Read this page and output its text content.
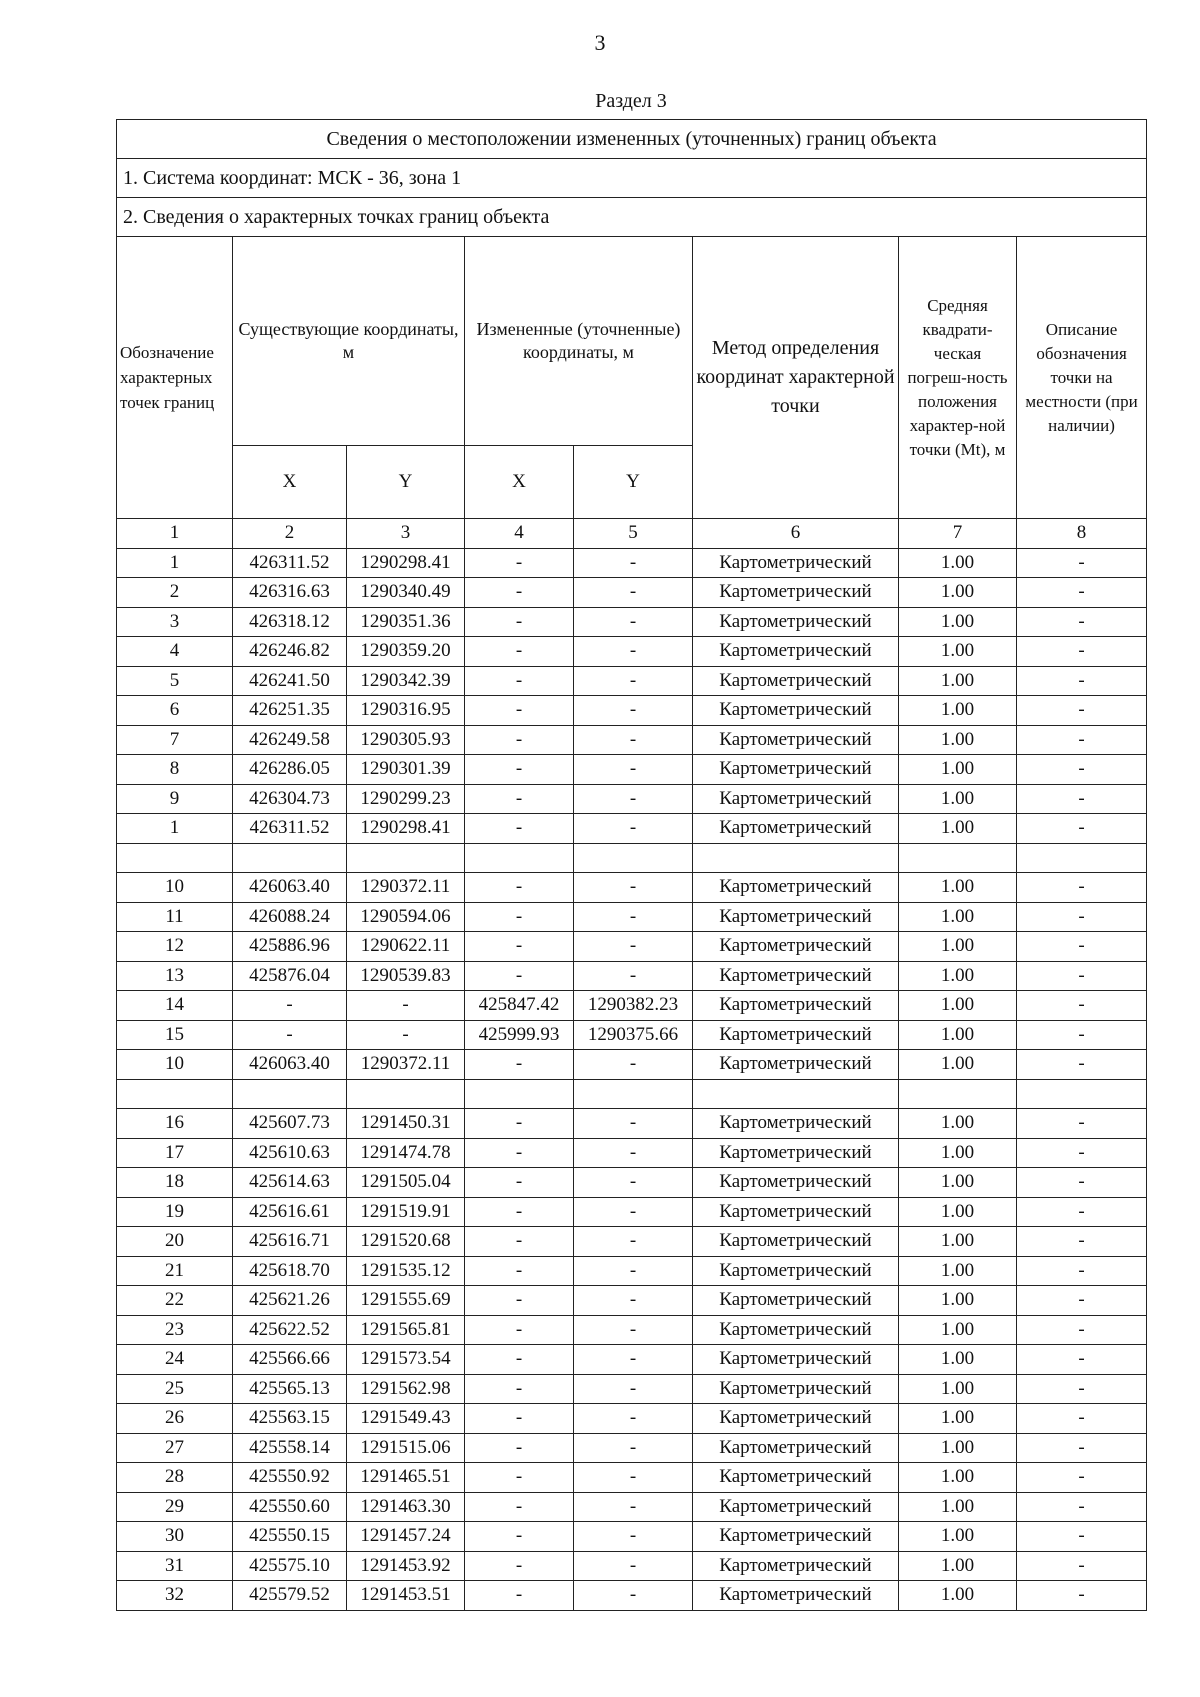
3
Раздел 3
Сведения о местоположении измененных (уточненных) границ объекта							
1. Система координат: МСК - 36, зона 1							
2. Сведения о характерных точках границ объекта							
Обозначение характерных точек границ	Существующие координаты, м		Измененные (уточненные) координаты, м		Метод определения координат характерной точки	Средняя квадрати-ческая погреш-ность положения характер-ной точки (Mt), м	Описание обозначения точки на местности (при наличии)
	X	Y	X	Y			
1	2	3	4	5	6	7	8
1	426311.52	1290298.41	-	-	Картометрический	1.00	-
2	426316.63	1290340.49	-	-	Картометрический	1.00	-
3	426318.12	1290351.36	-	-	Картометрический	1.00	-
4	426246.82	1290359.20	-	-	Картометрический	1.00	-
5	426241.50	1290342.39	-	-	Картометрический	1.00	-
6	426251.35	1290316.95	-	-	Картометрический	1.00	-
7	426249.58	1290305.93	-	-	Картометрический	1.00	-
8	426286.05	1290301.39	-	-	Картометрический	1.00	-
9	426304.73	1290299.23	-	-	Картометрический	1.00	-
1	426311.52	1290298.41	-	-	Картометрический	1.00	-

10	426063.40	1290372.11	-	-	Картометрический	1.00	-
11	426088.24	1290594.06	-	-	Картометрический	1.00	-
12	425886.96	1290622.11	-	-	Картометрический	1.00	-
13	425876.04	1290539.83	-	-	Картометрический	1.00	-
14	-	-	425847.42	1290382.23	Картометрический	1.00	-
15	-	-	425999.93	1290375.66	Картометрический	1.00	-
10	426063.40	1290372.11	-	-	Картометрический	1.00	-

16	425607.73	1291450.31	-	-	Картометрический	1.00	-
17	425610.63	1291474.78	-	-	Картометрический	1.00	-
18	425614.63	1291505.04	-	-	Картометрический	1.00	-
19	425616.61	1291519.91	-	-	Картометрический	1.00	-
20	425616.71	1291520.68	-	-	Картометрический	1.00	-
21	425618.70	1291535.12	-	-	Картометрический	1.00	-
22	425621.26	1291555.69	-	-	Картометрический	1.00	-
23	425622.52	1291565.81	-	-	Картометрический	1.00	-
24	425566.66	1291573.54	-	-	Картометрический	1.00	-
25	425565.13	1291562.98	-	-	Картометрический	1.00	-
26	425563.15	1291549.43	-	-	Картометрический	1.00	-
27	425558.14	1291515.06	-	-	Картометрический	1.00	-
28	425550.92	1291465.51	-	-	Картометрический	1.00	-
29	425550.60	1291463.30	-	-	Картометрический	1.00	-
30	425550.15	1291457.24	-	-	Картометрический	1.00	-
31	425575.10	1291453.92	-	-	Картометрический	1.00	-
32	425579.52	1291453.51	-	-	Картометрический	1.00	-
